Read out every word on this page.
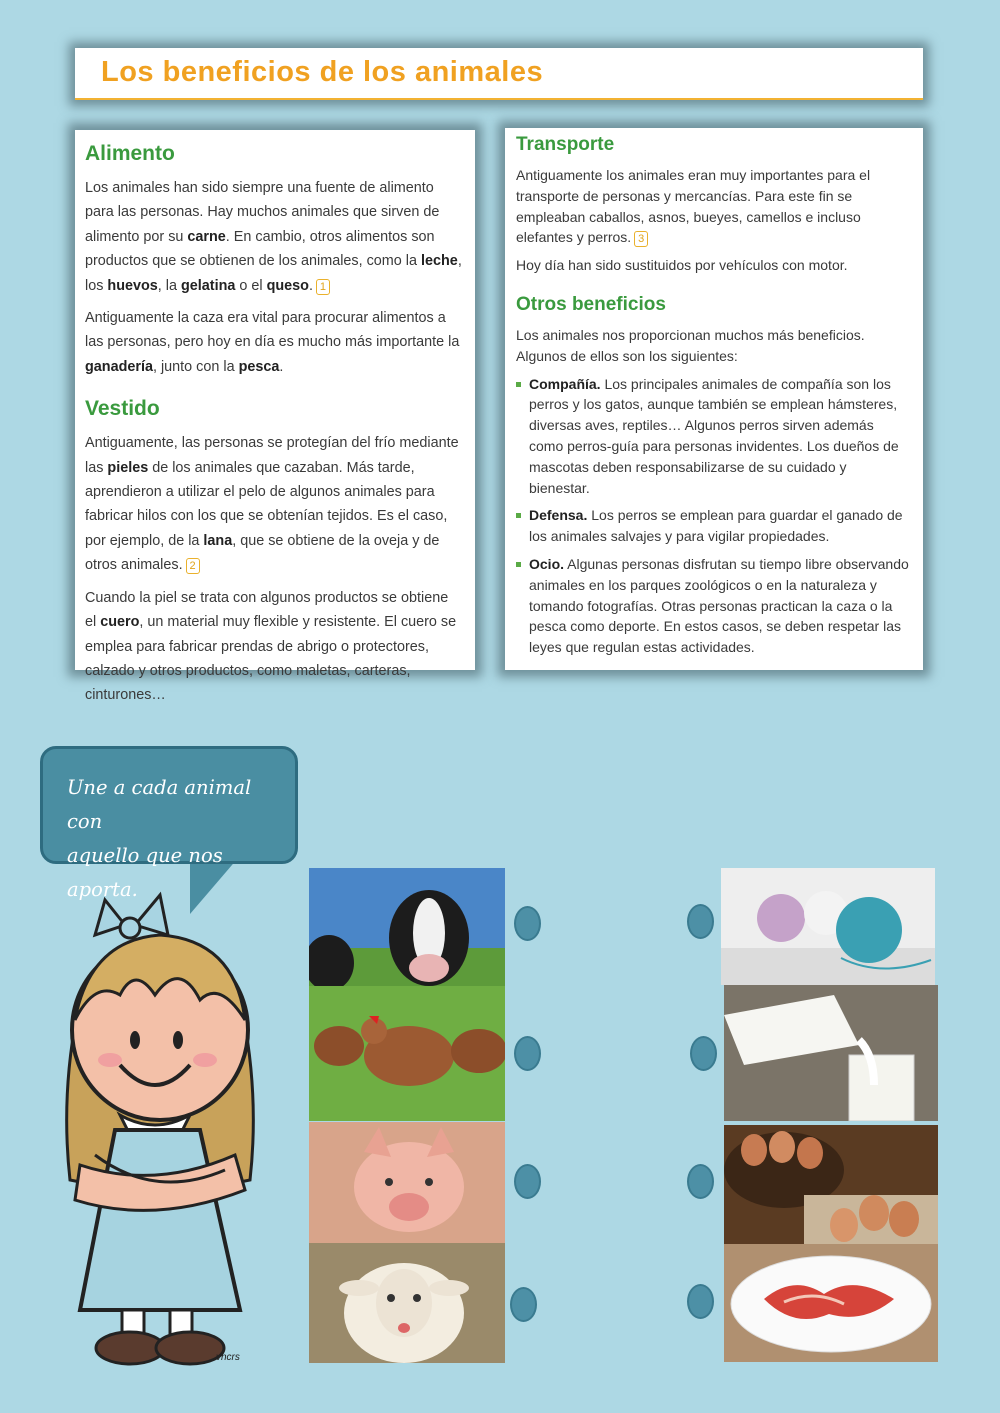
Los beneficios de los animales
Alimento

Los animales han sido siempre una fuente de alimento para las personas. Hay muchos animales que sirven de alimento por su carne. En cambio, otros alimentos son productos que se obtienen de los animales, como la leche, los huevos, la gelatina o el queso. 1

Antiguamente la caza era vital para procurar alimentos a las personas, pero hoy en día es mucho más importante la ganadería, junto con la pesca.

Vestido

Antiguamente, las personas se protegían del frío mediante las pieles de los animales que cazaban. Más tarde, aprendieron a utilizar el pelo de algunos animales para fabricar hilos con los que se obtenían tejidos. Es el caso, por ejemplo, de la lana, que se obtiene de la oveja y de otros animales. 2

Cuando la piel se trata con algunos productos se obtiene el cuero, un material muy flexible y resistente. El cuero se emplea para fabricar prendas de abrigo o protectores, calzado y otros productos, como maletas, carteras, cinturones…

Transporte

Antiguamente los animales eran muy importantes para el transporte de personas y mercancías. Para este fin se empleaban caballos, asnos, bueyes, camellos e incluso elefantes y perros. 3

Hoy día han sido sustituidos por vehículos con motor.

Otros beneficios

Los animales nos proporcionan muchos más beneficios. Algunos de ellos son los siguientes:

Compañía. Los principales animales de compañía son los perros y los gatos, aunque también se emplean hámsteres, diversas aves, reptiles… Algunos perros sirven además como perros-guía para personas invidentes. Los dueños de mascotas deben responsabilizarse de su cuidado y bienestar.
Defensa. Los perros se emplean para guardar el ganado de los animales salvajes y para vigilar propiedades.
Ocio. Algunas personas disfrutan su tiempo libre observando animales en los parques zoológicos o en la naturaleza y tomando fotografías. Otras personas practican la caza o la pesca como deporte. En estos casos, se deben respetar las leyes que regulan estas actividades.
Une a cada animal con
aquello que nos aporta.
vncrs
